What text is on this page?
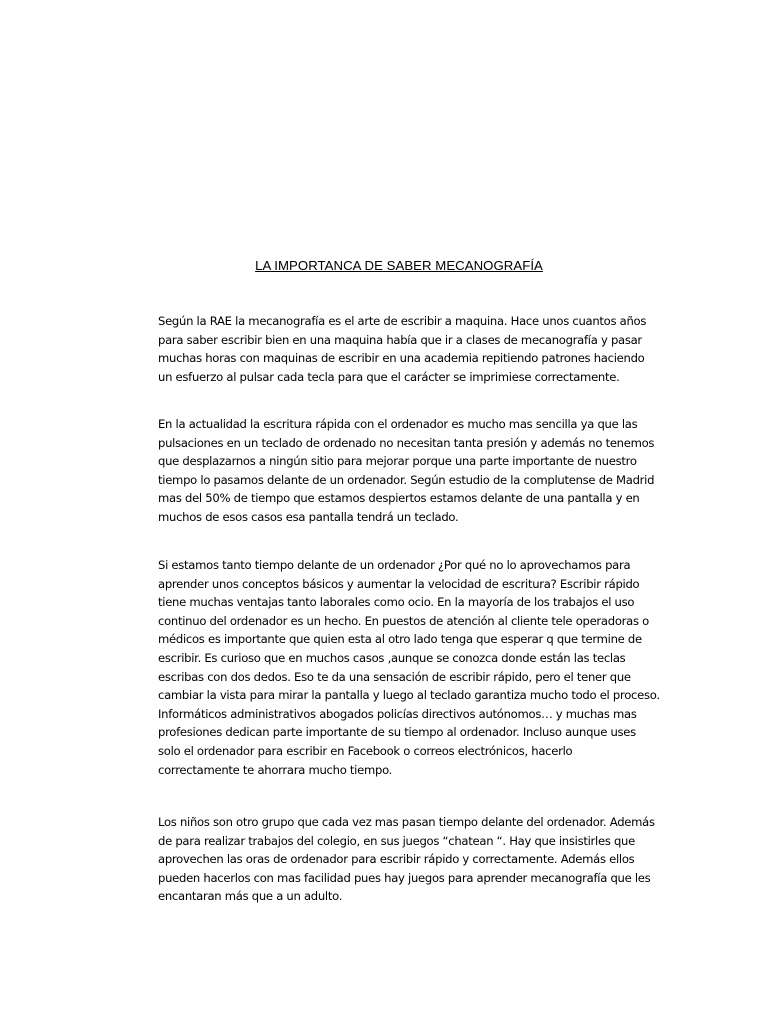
LA IMPORTANCA DE SABER MECANOGRAFÍA

Según la RAE la mecanografía es el arte de escribir a maquina. Hace unos cuantos años
para saber escribir bien en una maquina había que ir a clases de mecanografía y pasar
muchas horas con maquinas de escribir en una academia repitiendo patrones haciendo
un esfuerzo al pulsar cada tecla para que el carácter se imprimiese correctamente.

En la actualidad la escritura rápida con el ordenador es mucho mas sencilla ya que las
pulsaciones en un teclado de ordenado no necesitan tanta presión y además no tenemos
que desplazarnos a ningún sitio para mejorar porque una parte importante de nuestro
tiempo lo pasamos delante de un ordenador. Según estudio de la complutense de Madrid
mas del 50% de tiempo que estamos despiertos estamos delante de una pantalla y en
muchos de esos casos esa pantalla tendrá un teclado.

Si estamos tanto tiempo delante de un ordenador ¿Por qué no lo aprovechamos para
aprender unos conceptos básicos y aumentar la velocidad de escritura? Escribir rápido
tiene muchas ventajas tanto laborales como ocio. En la mayoría de los trabajos el uso
continuo del ordenador es un hecho. En puestos de atención al cliente tele operadoras o
médicos es importante que quien esta al otro lado tenga que esperar q que termine de
escribir. Es curioso que en muchos casos ,aunque se conozca donde están las teclas
escribas con dos dedos. Eso te da una sensación de escribir rápido, pero el tener que
cambiar la vista para mirar la pantalla y luego al teclado garantiza mucho todo el proceso.
Informáticos administrativos abogados policías directivos autónomos… y muchas mas
profesiones dedican parte importante de su tiempo al ordenador. Incluso aunque uses
solo el ordenador para escribir en Facebook o correos electrónicos, hacerlo
correctamente te ahorrara mucho tiempo.

Los niños son otro grupo que cada vez mas pasan tiempo delante del ordenador. Además
de para realizar trabajos del colegio, en sus juegos “chatean “. Hay que insistirles que
aprovechen las oras de ordenador para escribir rápido y correctamente. Además ellos
pueden hacerlos con mas facilidad pues hay juegos para aprender mecanografía que les
encantaran más que a un adulto.
